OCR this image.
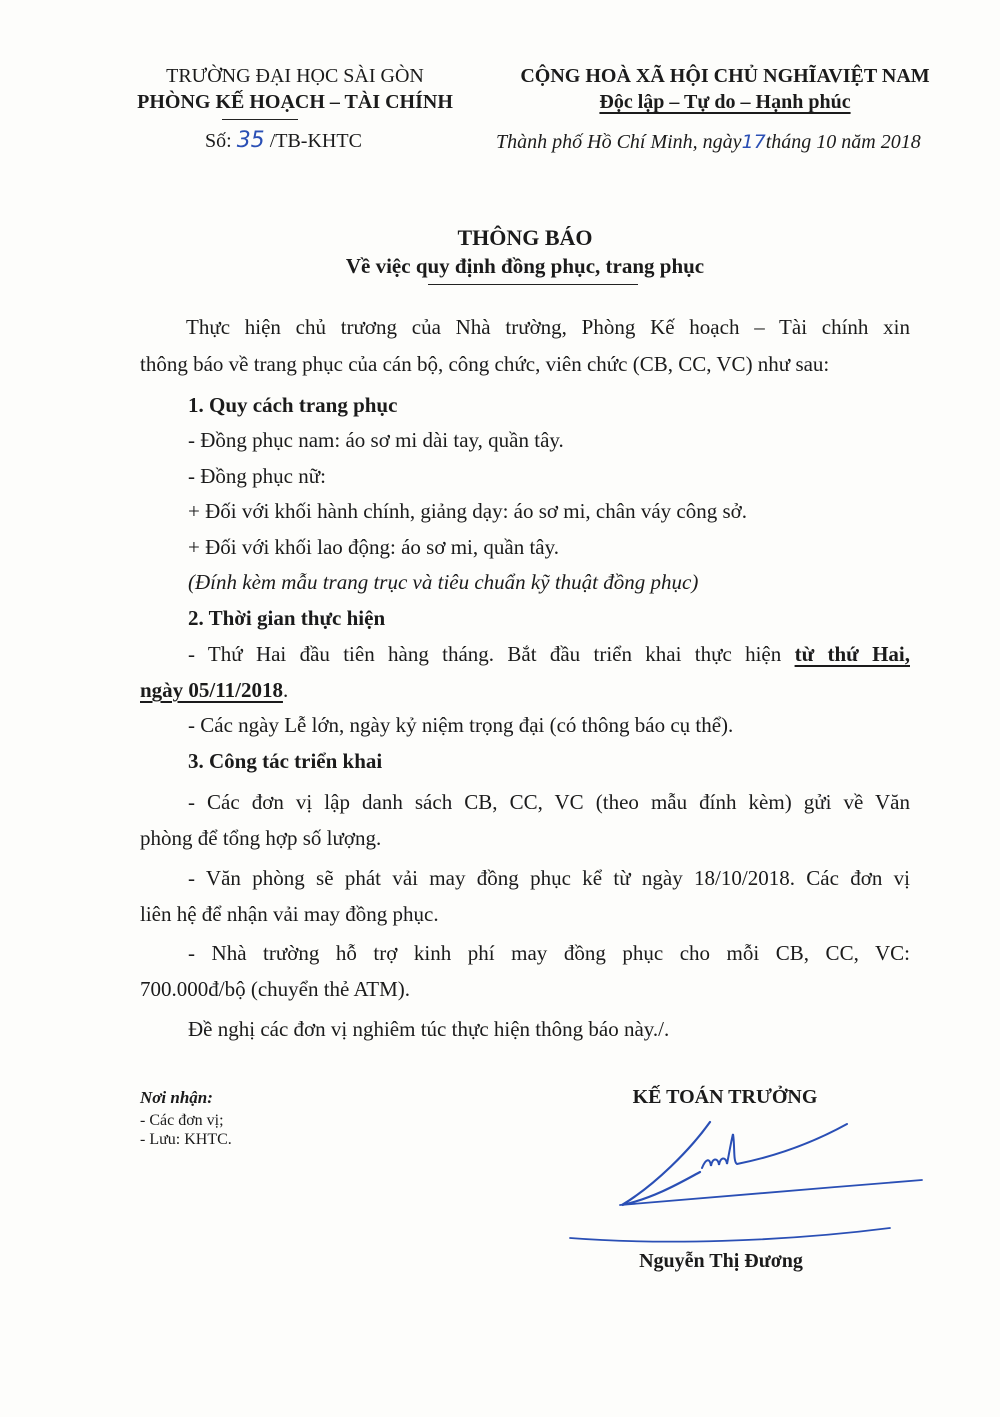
TRƯỜNG ĐẠI HỌC SÀI GÒN
PHÒNG KẾ HOẠCH – TÀI CHÍNH
Số: 35 /TB-KHTC
CỘNG HOÀ XÃ HỘI CHỦ NGHĨAVIỆT NAM
Độc lập – Tự do – Hạnh phúc
Thành phố Hồ Chí Minh, ngày17tháng 10 năm 2018
THÔNG BÁO
Về việc quy định đồng phục, trang phục
Thực hiện chủ trương của Nhà trường, Phòng Kế hoạch – Tài chính xin
thông báo về trang phục của cán bộ, công chức, viên chức (CB, CC, VC) như sau:
1. Quy cách trang phục
- Đồng phục nam: áo sơ mi dài tay, quần tây.
- Đồng phục nữ:
+ Đối với khối hành chính, giảng dạy: áo sơ mi, chân váy công sở.
+ Đối với khối lao động: áo sơ mi, quần tây.
(Đính kèm mẫu trang trục và tiêu chuẩn kỹ thuật đồng phục)
2. Thời gian thực hiện
- Thứ Hai đầu tiên hàng tháng. Bắt đầu triển khai thực hiện từ thứ Hai,
ngày 05/11/2018.
- Các ngày Lễ lớn, ngày kỷ niệm trọng đại (có thông báo cụ thể).
3. Công tác triển khai
- Các đơn vị lập danh sách CB, CC, VC (theo mẫu đính kèm) gửi về Văn
phòng để tổng hợp số lượng.
- Văn phòng sẽ phát vải may đồng phục kể từ ngày 18/10/2018. Các đơn vị
liên hệ để nhận vải may đồng phục.
- Nhà trường hỗ trợ kinh phí may đồng phục cho mỗi CB, CC, VC:
700.000đ/bộ (chuyển thẻ ATM).
Đề nghị các đơn vị nghiêm túc thực hiện thông báo này./.
Nơi nhận:
- Các đơn vị;
- Lưu: KHTC.
KẾ TOÁN TRƯỞNG
Nguyễn Thị Đương
